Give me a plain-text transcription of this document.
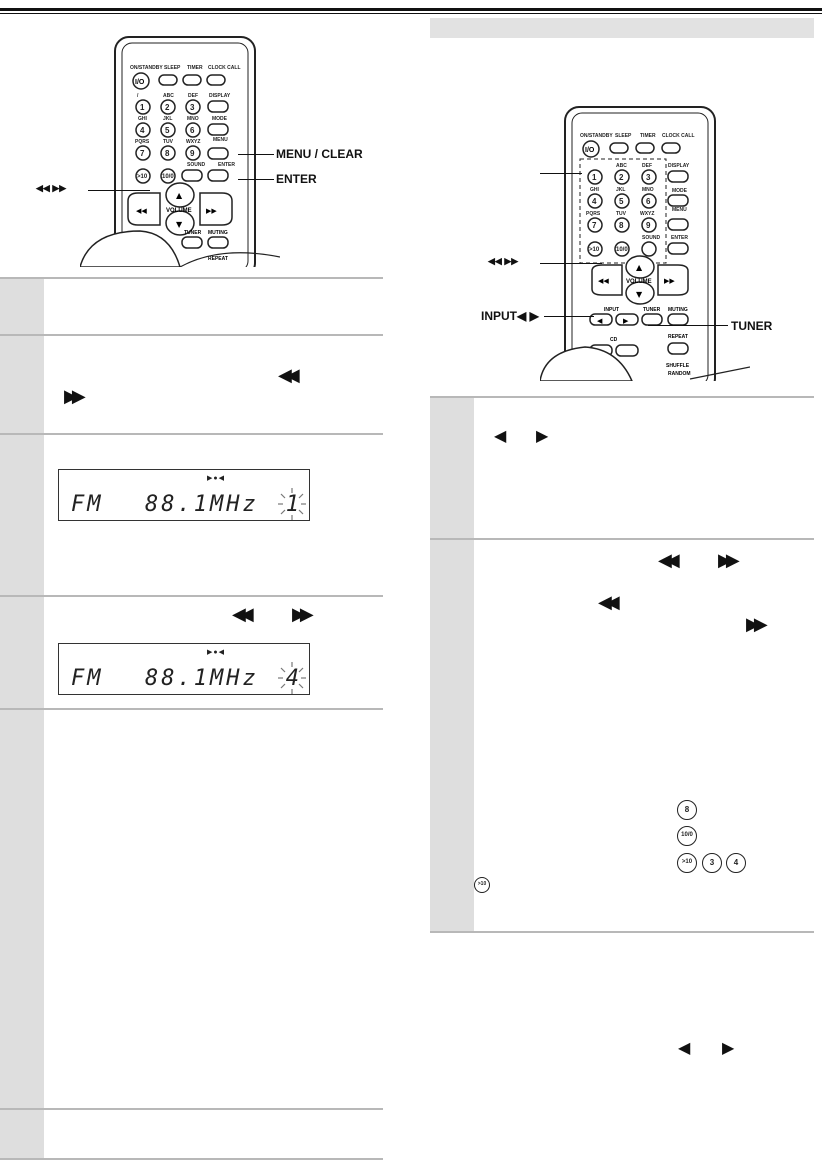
ON/STANDBY SLEEP TIMER CLOCK CALL
I/O
1	2	3
4	5	6
7	8	9
>10 10/0
/	ABC	DEF
GHI	JKL	MNO
PQRS	TUV	WXYZ
SOUND	ENTER
DISPLAY
MODE
MENU
▲
▼
VOLUME
◀◀	▶▶
TUNER MUTING
REPEAT
MENU / CLEAR
ENTER
◀◀ ▶▶
ON/STANDBY SLEEP TIMER CLOCK CALL
I/O
1	2	3
4	5	6
7	8	9
>10	10/0
ABC	DEF
GHI	JKL	MNO
PQRS	TUV	WXYZ
SOUND
DISPLAY
MODE
MENU
ENTER
▲
▼
VOLUME
◀◀	▶▶
INPUT
◀	▶
TUNER MUTING
CD	REPEAT
SHUFFLE
RANDOM
◀◀ ▶▶
INPUT◀ ▶
TUNER
◀◀
▶▶
▶●◀
FM 88.1MHz 1
◀◀ ▶▶
▶●◀
FM 88.1MHz 4
◀ ▶
◀◀ ▶▶
◀◀
▶▶
8
10/0
>10	3	4
>10
◀ ▶
